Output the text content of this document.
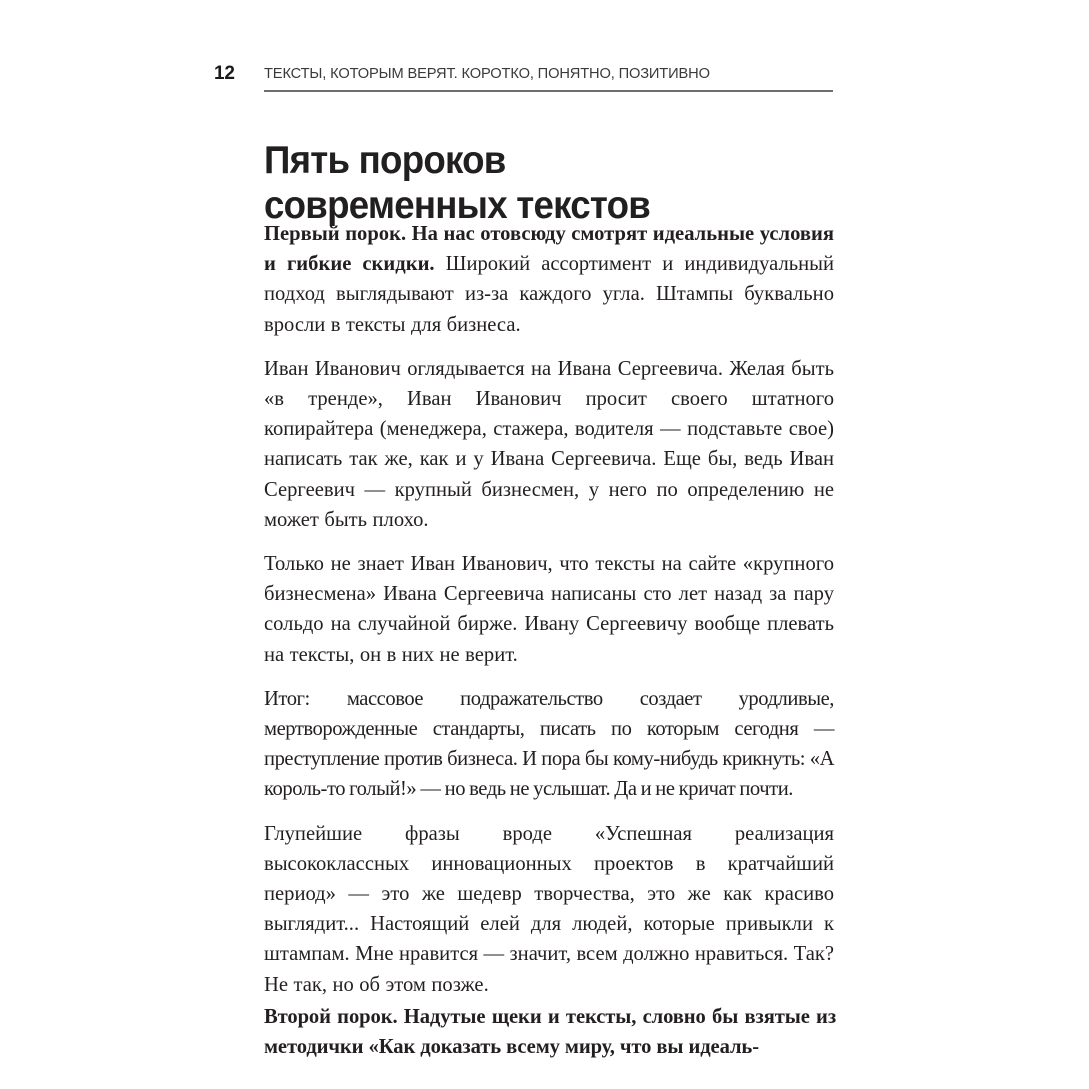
12 ТЕКСТЫ, КОТОРЫМ ВЕРЯТ. КОРОТКО, ПОНЯТНО, ПОЗИТИВНО
Пять пороков
современных текстов

Первый порок. На нас отовсюду смотрят идеальные условия и гибкие скидки. Широкий ассортимент и индивидуальный подход выглядывают из-за каждого угла. Штампы буквально вросли в тексты для бизнеса.

Иван Иванович оглядывается на Ивана Сергеевича. Желая быть «в тренде», Иван Иванович просит своего штатного копирайтера (менеджера, стажера, водителя — подставьте свое) написать так же, как и у Ивана Сергеевича. Еще бы, ведь Иван Сергеевич — крупный бизнесмен, у него по определению не может быть плохо.

Только не знает Иван Иванович, что тексты на сайте «крупного бизнесмена» Ивана Сергеевича написаны сто лет назад за пару сольдо на случайной бирже. Ивану Сергеевичу вообще плевать на тексты, он в них не верит.

Итог: массовое подражательство создает уродливые, мертворожденные стандарты, писать по которым сегодня — преступление против бизнеса. И пора бы кому-нибудь крикнуть: «А король-то голый!» — но ведь не услышат. Да и не кричат почти.

Глупейшие фразы вроде «Успешная реализация высококлассных инновационных проектов в кратчайший период» — это же шедевр творчества, это же как красиво выглядит... Настоящий елей для людей, которые привыкли к штампам. Мне нравится — значит, всем должно нравиться. Так? Не так, но об этом позже.

Второй порок. Надутые щеки и тексты, словно бы взятые из методички «Как доказать всему миру, что вы идеаль-
